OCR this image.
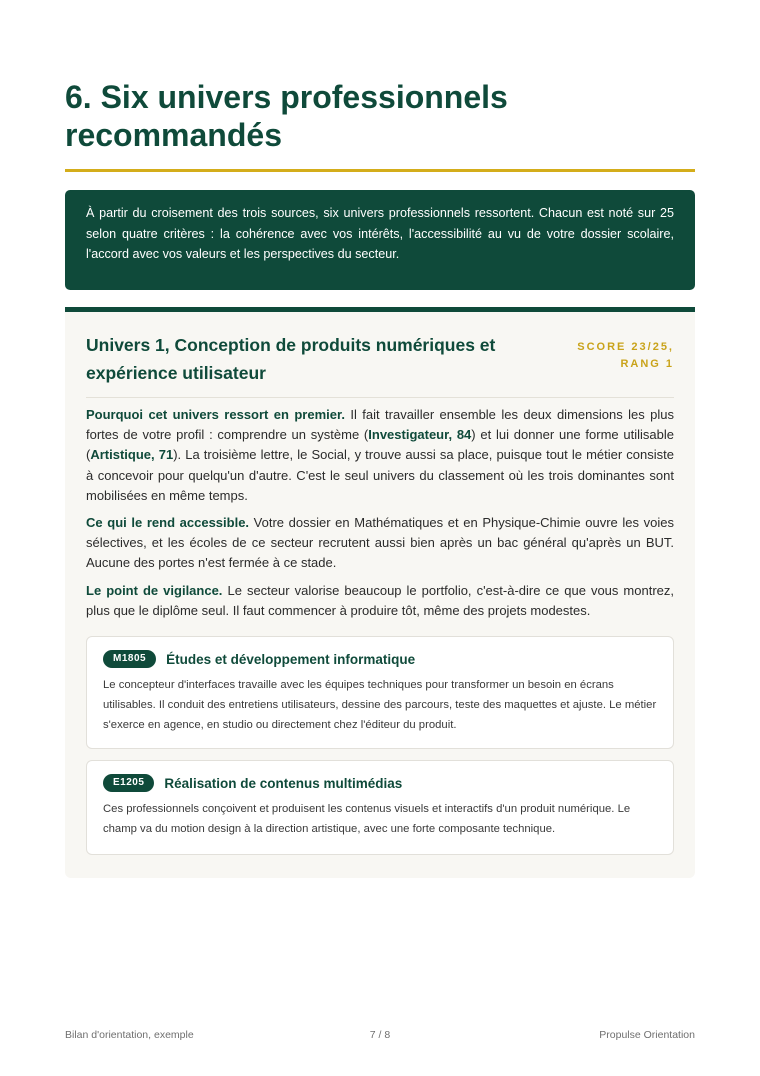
6. Six univers professionnels recommandés

À partir du croisement des trois sources, six univers professionnels ressortent. Chacun est noté sur 25 selon quatre critères : la cohérence avec vos intérêts, l'accessibilité au vu de votre dossier scolaire, l'accord avec vos valeurs et les perspectives du secteur.

Univers 1, Conception de produits numériques et expérience utilisateur
SCORE 23/25,
RANG 1

Pourquoi cet univers ressort en premier. Il fait travailler ensemble les deux dimensions les plus fortes de votre profil : comprendre un système (Investigateur, 84) et lui donner une forme utilisable (Artistique, 71). La troisième lettre, le Social, y trouve aussi sa place, puisque tout le métier consiste à concevoir pour quelqu'un d'autre. C'est le seul univers du classement où les trois dominantes sont mobilisées en même temps.

Ce qui le rend accessible. Votre dossier en Mathématiques et en Physique-Chimie ouvre les voies sélectives, et les écoles de ce secteur recrutent aussi bien après un bac général qu'après un BUT. Aucune des portes n'est fermée à ce stade.

Le point de vigilance. Le secteur valorise beaucoup le portfolio, c'est-à-dire ce que vous montrez, plus que le diplôme seul. Il faut commencer à produire tôt, même des projets modestes.

M1805	Études et développement informatique

Le concepteur d'interfaces travaille avec les équipes techniques pour transformer un besoin en écrans utilisables. Il conduit des entretiens utilisateurs, dessine des parcours, teste des maquettes et ajuste. Le métier s'exerce en agence, en studio ou directement chez l'éditeur du produit.

E1205	Réalisation de contenus multimédias

Ces professionnels conçoivent et produisent les contenus visuels et interactifs d'un produit numérique. Le champ va du motion design à la direction artistique, avec une forte composante technique.

Bilan d'orientation, exemple	7 / 8	Propulse Orientation
